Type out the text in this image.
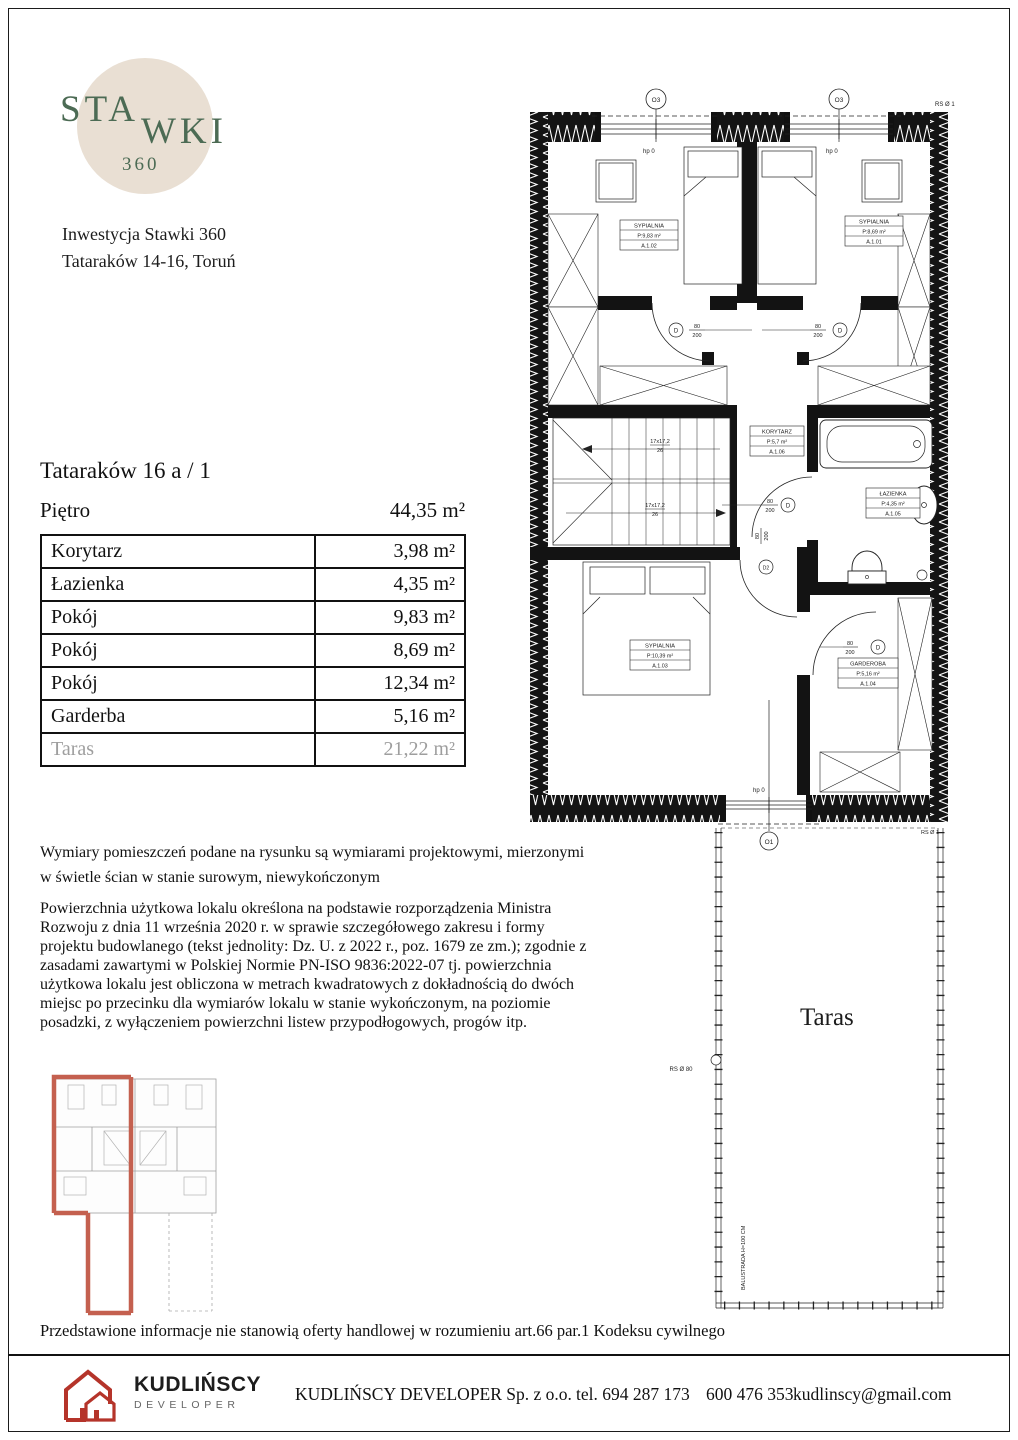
STA
WKI
360
Inwestycja Stawki 360
Tataraków 14-16, Toruń
Tataraków 16 a / 1
Piętro	44,35 m²
Korytarz	3,98 m²
Łazienka	4,35 m²
Pokój	9,83 m²
Pokój	8,69 m²
Pokój	12,34 m²
Garderba	5,16 m²
Taras	21,22 m²
Wymiary pomieszczeń podane na rysunku są wymiarami projektowymi, mierzonymi w świetle ścian w stanie surowym, niewykończonym
Powierzchnia użytkowa lokalu określona na podstawie rozporządzenia Ministra Rozwoju z dnia 11 września 2020 r. w sprawie szczegółowego zakresu i formy projektu budowlanego (tekst jednolity: Dz. U. z 2022 r., poz. 1679 ze zm.); zgodnie z zasadami zawartymi w Polskiej Normie PN-ISO 9836:2022-07 tj. powierzchnia użytkowa lokalu jest obliczona w metrach kwadratowych z dokładnością do dwóch miejsc po przecinku dla wymiarów lokalu w stanie wykończonym, na poziomie posadzki, z wyłączeniem powierzchni listew przypodłogowych, progów itp.
O3	O3
O1
hp 0	hp 0
hp 0
RS Ø 1
D
80
200
D
80
200
D
80
200
80 200
D2
D
80
200
17x17,2
26
17x17,2
26
SYPIALNIA
P:9,83 m²
A.1.02
SYPIALNIA
P:8,69 m²
A.1.01
KORYTARZ
P:5,7 m²
A.1.06
ŁAZIENKA
P:4,35 m²
A.1.05
SYPIALNIA
P:10,39 m²
A.1.03	GARDEROBA
P:5,16 m²
A.1.04
Taras
RS Ø 80
RS Ø 1
BALUSTRADA H=100 CM
Przedstawione informacje nie stanowią oferty handlowej w rozumieniu art.66 par.1 Kodeksu cywilnego
KUDLIŃSCY
DEVELOPER
KUDLIŃSCY DEVELOPER Sp. z o.o. tel. 694 287 173 600 476 353 kudlinscy@gmail.com
